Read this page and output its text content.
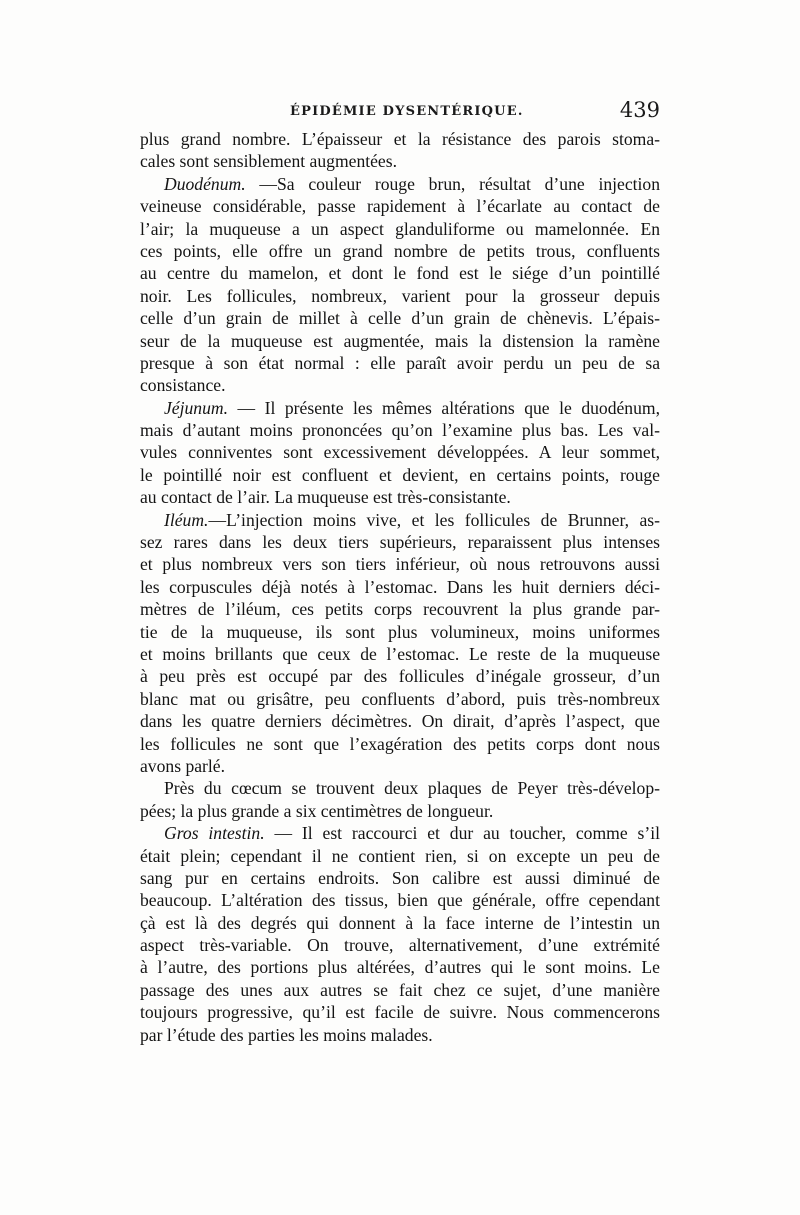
ÉPIDÉMIE DYSENTÉRIQUE.	439
plus grand nombre. L’épaisseur et la résistance des parois stoma-
cales sont sensiblement augmentées.
Duodénum. —Sa couleur rouge brun, résultat d’une injection
veineuse considérable, passe rapidement à l’écarlate au contact de
l’air; la muqueuse a un aspect glanduliforme ou mamelonnée. En
ces points, elle offre un grand nombre de petits trous, confluents
au centre du mamelon, et dont le fond est le siége d’un pointillé
noir. Les follicules, nombreux, varient pour la grosseur depuis
celle d’un grain de millet à celle d’un grain de chènevis. L’épais-
seur de la muqueuse est augmentée, mais la distension la ramène
presque à son état normal : elle paraît avoir perdu un peu de sa
consistance.
Jéjunum. — Il présente les mêmes altérations que le duodénum,
mais d’autant moins prononcées qu’on l’examine plus bas. Les val-
vules conniventes sont excessivement développées. A leur sommet,
le pointillé noir est confluent et devient, en certains points, rouge
au contact de l’air. La muqueuse est très-consistante.
Iléum.—L’injection moins vive, et les follicules de Brunner, as-
sez rares dans les deux tiers supérieurs, reparaissent plus intenses
et plus nombreux vers son tiers inférieur, où nous retrouvons aussi
les corpuscules déjà notés à l’estomac. Dans les huit derniers déci-
mètres de l’iléum, ces petits corps recouvrent la plus grande par-
tie de la muqueuse, ils sont plus volumineux, moins uniformes
et moins brillants que ceux de l’estomac. Le reste de la muqueuse
à peu près est occupé par des follicules d’inégale grosseur, d’un
blanc mat ou grisâtre, peu confluents d’abord, puis très-nombreux
dans les quatre derniers décimètres. On dirait, d’après l’aspect, que
les follicules ne sont que l’exagération des petits corps dont nous
avons parlé.
Près du cœcum se trouvent deux plaques de Peyer très-dévelop-
pées; la plus grande a six centimètres de longueur.
Gros intestin. — Il est raccourci et dur au toucher, comme s’il
était plein; cependant il ne contient rien, si on excepte un peu de
sang pur en certains endroits. Son calibre est aussi diminué de
beaucoup. L’altération des tissus, bien que générale, offre cependant
çà est là des degrés qui donnent à la face interne de l’intestin un
aspect très-variable. On trouve, alternativement, d’une extrémité
à l’autre, des portions plus altérées, d’autres qui le sont moins. Le
passage des unes aux autres se fait chez ce sujet, d’une manière
toujours progressive, qu’il est facile de suivre. Nous commencerons
par l’étude des parties les moins malades.
